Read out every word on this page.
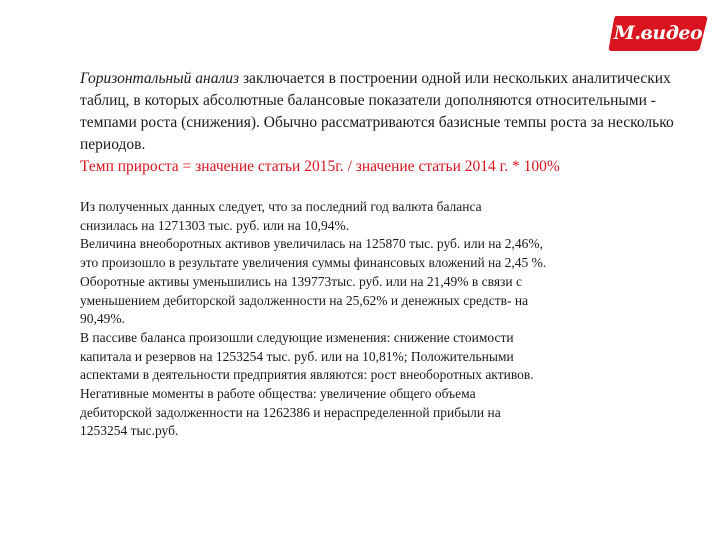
М.видео

Горизонтальный анализ заключается в построении одной или нескольких аналитических таблиц, в которых абсолютные балансовые показатели дополняются относительными - темпами роста (снижения). Обычно рассматриваются базисные темпы роста за несколько периодов.
Темп прироста = значение статьи 2015г. / значение статьи 2014 г. * 100%

Из полученных данных следует, что за последний год валюта баланса
снизилась на 1271303 тыс. руб. или на 10,94%.
Величина внеоборотных активов увеличилась на 125870 тыс. руб. или на 2,46%,
это произошло в результате увеличения суммы финансовых вложений на 2,45 %.
Оборотные активы уменьшились на 139773тыс. руб. или на 21,49% в связи с
уменьшением дебиторской задолженности на 25,62% и денежных средств- на
90,49%.
В пассиве баланса произошли следующие изменения: снижение стоимости
капитала и резервов на 1253254 тыс. руб. или на 10,81%; Положительными
аспектами в деятельности предприятия являются: рост внеоборотных активов.
Негативные моменты в работе общества: увеличение общего объема
дебиторской задолженности на 1262386 и нераспределенной прибыли на
1253254 тыс.руб.
